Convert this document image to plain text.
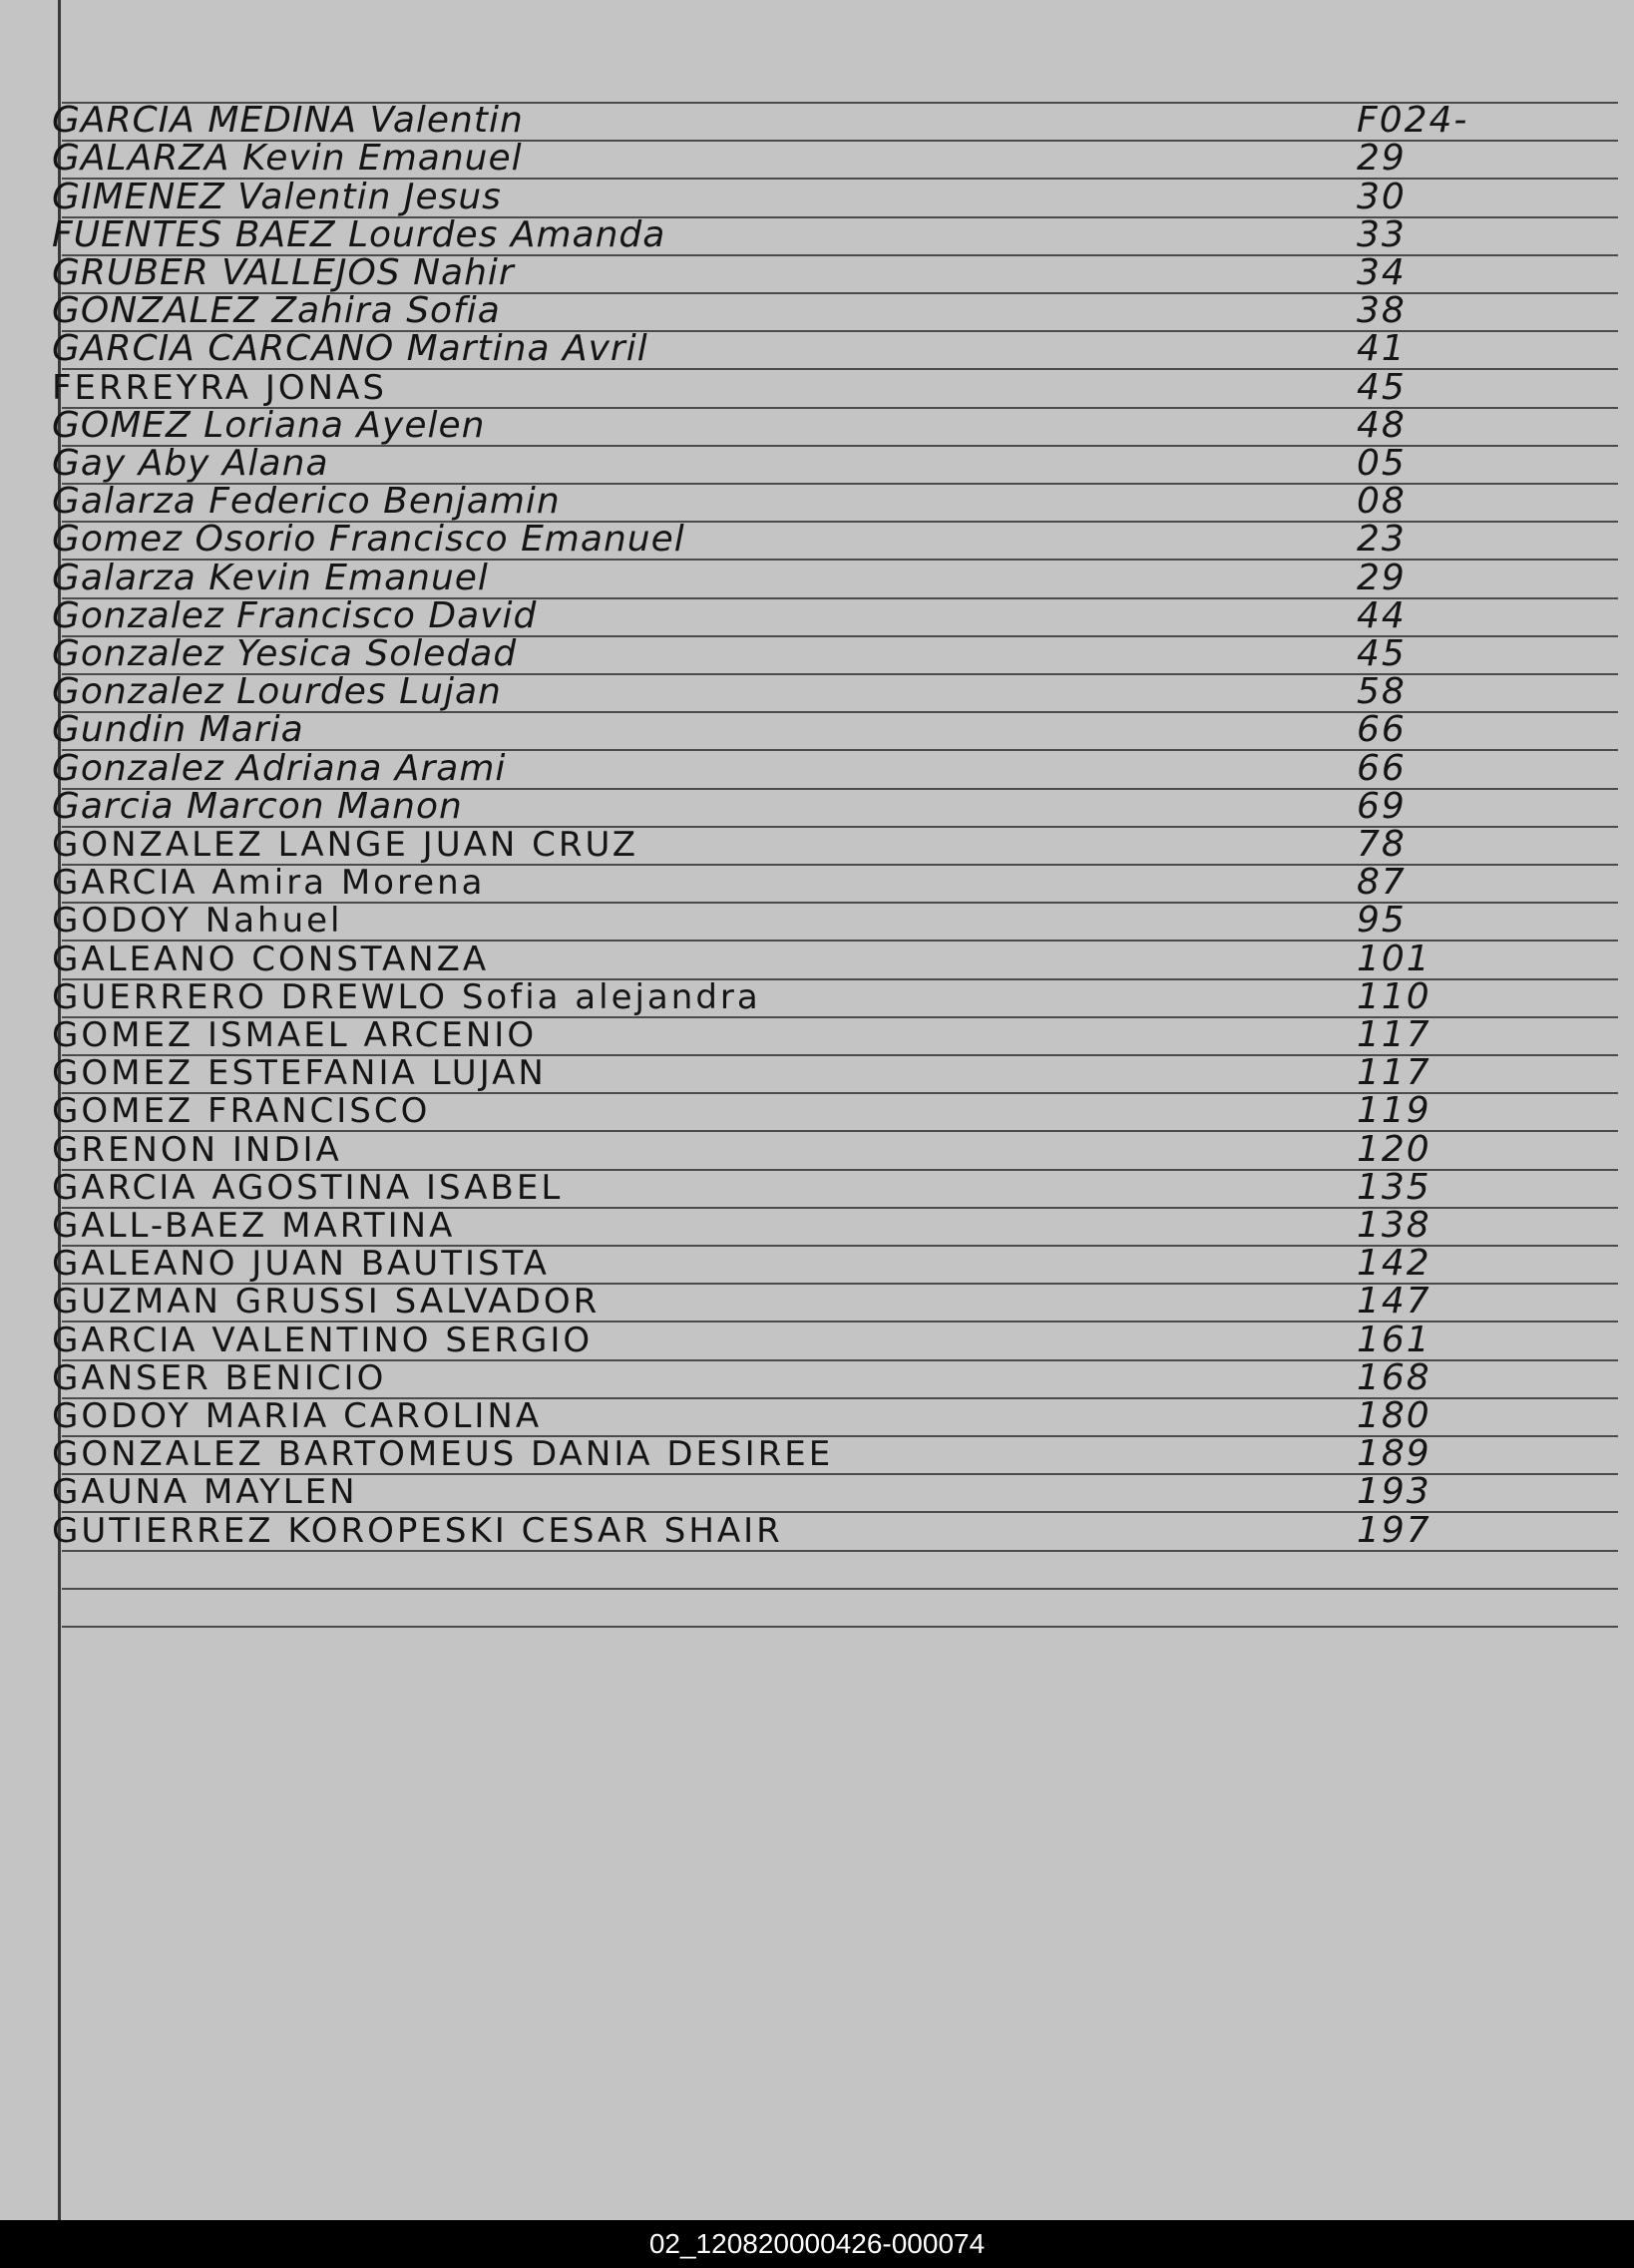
GARCIA MEDINA Valentin	F024-
GALARZA Kevin Emanuel	29
GIMENEZ Valentin Jesus	30
FUENTES BAEZ Lourdes Amanda	33
GRUBER VALLEJOS Nahir	34
GONZALEZ Zahira Sofia	38
GARCIA CARCANO Martina Avril	41
FERREYRA JONAS	45
GOMEZ Loriana Ayelen	48
Gay Aby Alana	05
Galarza Federico Benjamin	08
Gomez Osorio Francisco Emanuel	23
Galarza Kevin Emanuel	29
Gonzalez Francisco David	44
Gonzalez Yesica Soledad	45
Gonzalez Lourdes Lujan	58
Gundin Maria	66
Gonzalez Adriana Arami	66
Garcia Marcon Manon	69
GONZALEZ LANGE JUAN CRUZ	78
GARCIA Amira Morena	87
GODOY Nahuel	95
GALEANO CONSTANZA	101
GUERRERO DREWLO Sofia alejandra	110
GOMEZ ISMAEL ARCENIO	117
GOMEZ ESTEFANIA LUJAN	117
GOMEZ FRANCISCO	119
GRENON INDIA	120
GARCIA AGOSTINA ISABEL	135
GALL-BAEZ MARTINA	138
GALEANO JUAN BAUTISTA	142
GUZMAN GRUSSI SALVADOR	147
GARCIA VALENTINO SERGIO	161
GANSER BENICIO	168
GODOY MARIA CAROLINA	180
GONZALEZ BARTOMEUS DANIA DESIREE	189
GAUNA MAYLEN	193
GUTIERREZ KOROPESKI CESAR SHAIR	197
02_120820000426-000074
